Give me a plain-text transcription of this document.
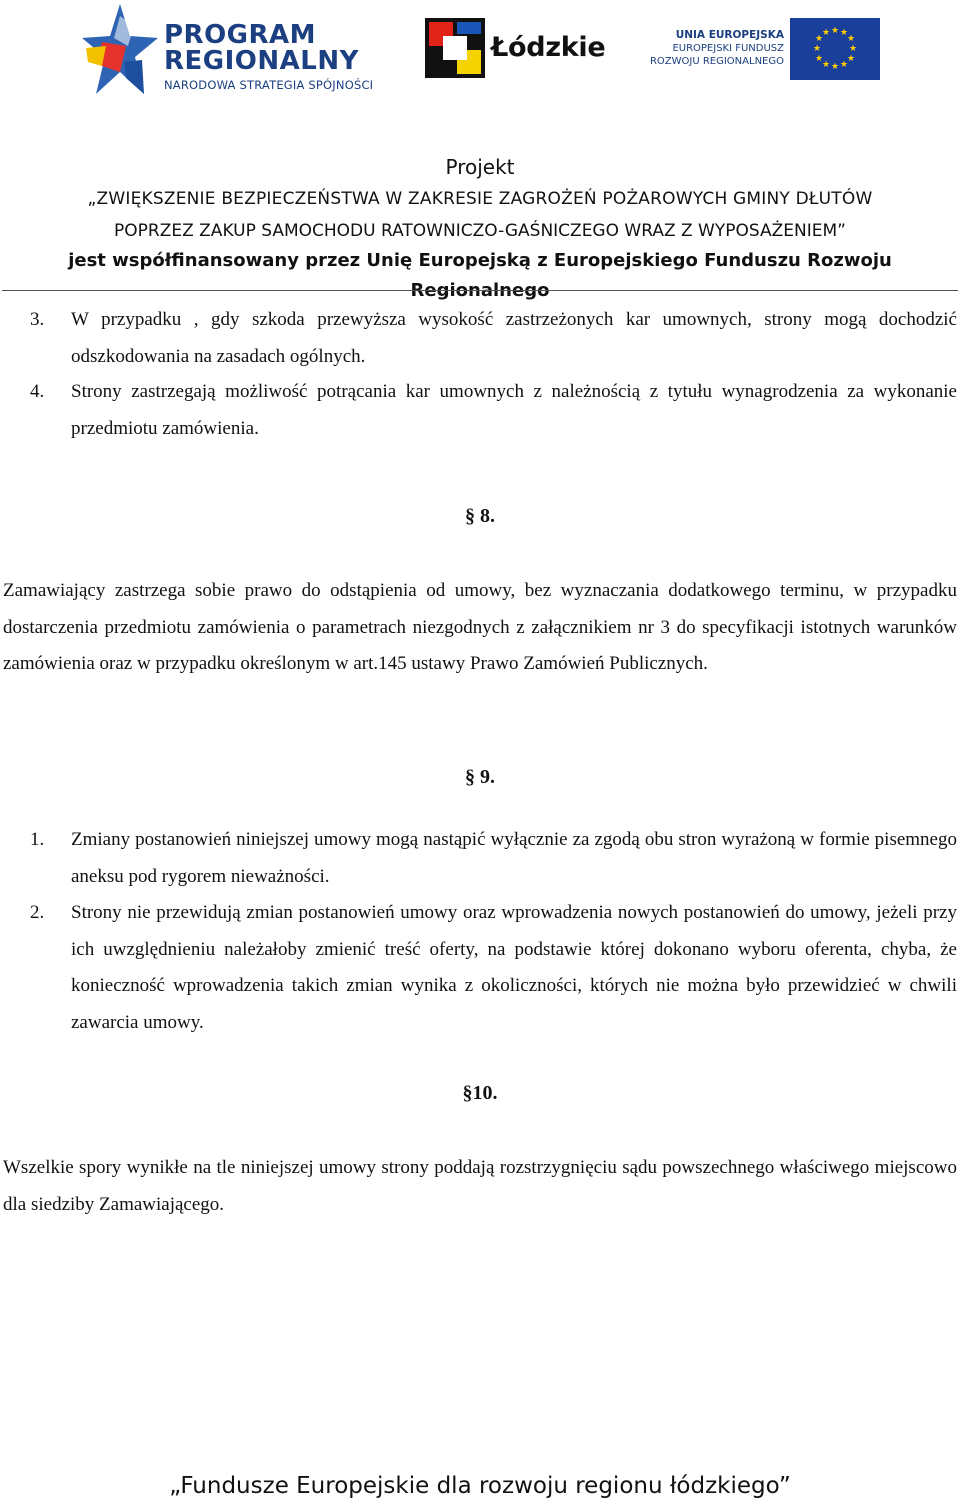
PROGRAM
REGIONALNY
NARODOWA STRATEGIA SPÓJNOŚCI
Łódzkie	UNIA EUROPEJSKA
EUROPEJSKI FUNDUSZ
ROZWOJU REGIONALNEGO
★ ★
★
★
★
★
★
★
★
★
★
★
Projekt
„ZWIĘKSZENIE BEZPIECZEŃSTWA W ZAKRESIE ZAGROŻEŃ POŻAROWYCH GMINY DŁUTÓW
POPRZEZ ZAKUP SAMOCHODU RATOWNICZO-GAŚNICZEGO WRAZ Z WYPOSAŻENIEM”
jest współfinansowany przez Unię Europejską z Europejskiego Funduszu Rozwoju Regionalnego
3. W przypadku , gdy szkoda przewyższa wysokość zastrzeżonych kar umownych, strony mogą dochodzić odszkodowania na zasadach ogólnych.
4. Strony zastrzegają możliwość potrącania kar umownych z należnością z tytułu wynagrodzenia za wykonanie przedmiotu zamówienia.
§ 8.
Zamawiający zastrzega sobie prawo do odstąpienia od umowy, bez wyznaczania dodatkowego terminu, w przypadku dostarczenia przedmiotu zamówienia o parametrach niezgodnych z załącznikiem nr 3 do specyfikacji istotnych warunków zamówienia oraz w przypadku określonym w art.145 ustawy Prawo Zamówień Publicznych.
§ 9.
1. Zmiany postanowień niniejszej umowy mogą nastąpić wyłącznie za zgodą obu stron wyrażoną w formie pisemnego aneksu pod rygorem nieważności.
2. Strony nie przewidują zmian postanowień umowy oraz wprowadzenia nowych postanowień do umowy, jeżeli przy ich uwzględnieniu należałoby zmienić treść oferty, na podstawie której dokonano wyboru oferenta, chyba, że konieczność wprowadzenia takich zmian wynika z okoliczności, których nie można było przewidzieć w chwili zawarcia umowy.
§10.
Wszelkie spory wynikłe na tle niniejszej umowy strony poddają rozstrzygnięciu sądu powszechnego właściwego miejscowo dla siedziby Zamawiającego.
„Fundusze Europejskie dla rozwoju regionu łódzkiego”
